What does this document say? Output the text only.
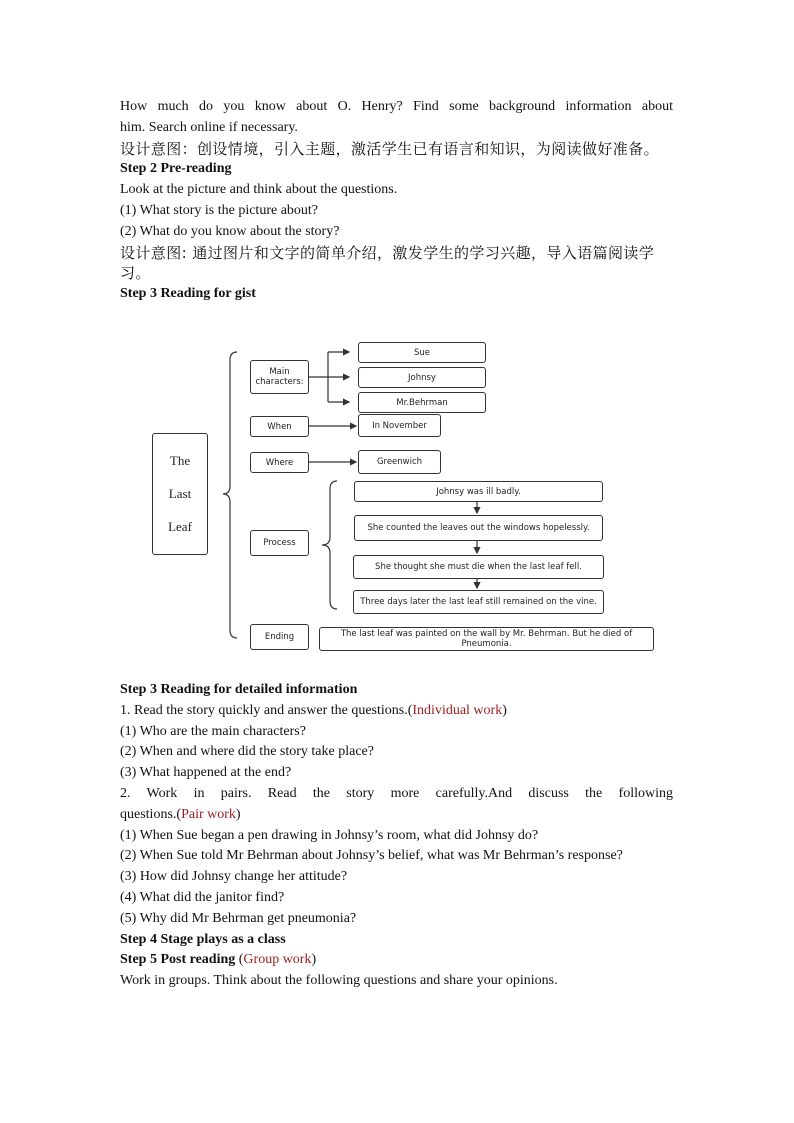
How much do you know about O. Henry? Find some background information about
him. Search online if necessary.
设计意图：创设情境，引入主题，激活学生已有语言和知识，为阅读做好准备。
Step 2 Pre-reading
Look at the picture and think about the questions.
(1) What story is the picture about?
(2) What do you know about the story?
设计意图: 通过图片和文字的简单介绍，激发学生的学习兴趣，导入语篇阅读学
习。
Step 3 Reading for gist
The
Last
Leaf
Main characters:
Sue
Johnsy
Mr.Behrman
When	In November
Where	Greenwich
Process
Johnsy was ill badly.
She counted the leaves out the windows hopelessly.
She thought she must die when the last leaf fell.
Three days later the last leaf still remained on the vine.
Ending	The last leaf was painted on the wall by Mr. Behrman. But he died of Pneumonia.
Step 3 Reading for detailed information
1. Read the story quickly and answer the questions.(Individual work)
(1) Who are the main characters?
(2) When and where did the story take place?
(3) What happened at the end?
2. Work in pairs. Read the story more carefully.And discuss the following
questions.(Pair work)
(1) When Sue began a pen drawing in Johnsy’s room, what did Johnsy do?
(2) When Sue told Mr Behrman about Johnsy’s belief, what was Mr Behrman’s response?
(3) How did Johnsy change her attitude?
(4) What did the janitor find?
(5) Why did Mr Behrman get pneumonia?
Step 4 Stage plays as a class
Step 5 Post reading (Group work)
Work in groups. Think about the following questions and share your opinions.
